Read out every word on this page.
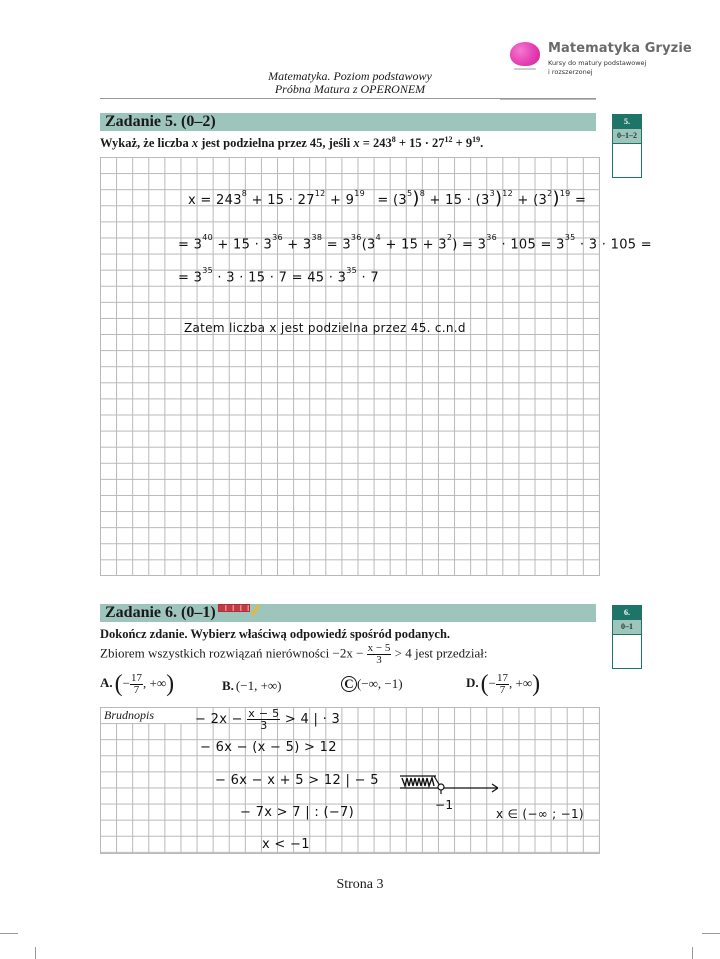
Matematyka Gryzie
Kursy do matury podstawowej
i rozszerzonej
Matematyka. Poziom podstawowy
Próbna Matura z OPERONEM
Zadanie 5. (0–2)
Wykaż, że liczba x jest podzielna przez 45, jeśli $x = 243^8 + 15 \cdot 27^{12} + 9^{19}$.
5.
0–1–2
$x = 243^8 + 15 \cdot 27^{12} + 9^{19} = (3^5)^8 + 15 \cdot (3^3)^{12} + (3^2)^{19}$ =
= $3^{40} + 15 \cdot 3^{36} + 3^{38} = 3^{36}(3^4 + 15 + 3^2) = 3^{36} \cdot 105 = 3^{35} \cdot 3 \cdot 105$ =
= $3^{35} \cdot 3 \cdot 15 \cdot 7 = 45 \cdot 3^{35} \cdot 7$
Zatem liczba x jest podzielna przez 45. c.n.d
Zadanie 6. (0–1)
Dokończ zdanie. Wybierz właściwą odpowiedź spośród podanych.
Zbiorem wszystkich rozwiązań nierówności $-2x - \frac{x - 5}{3} > 4$ jest przedział:
6.
0–1
$A.(- \frac{17}{7}$ , +∞)	B. (−1, +∞)	C (−∞, −1)	$D.(- \frac{17}{7}$ , +∞)
Brudnopis	− $2x - \frac{x - 5}{3} > 4$ | · 3
− 6x − (x − 5) > 12
− 6x − x + 5 > 12 | − 5
− 7x > 7 | : (−7)
x < −1
−1
x ∈ (−∞ ; −1)
Strona 3
